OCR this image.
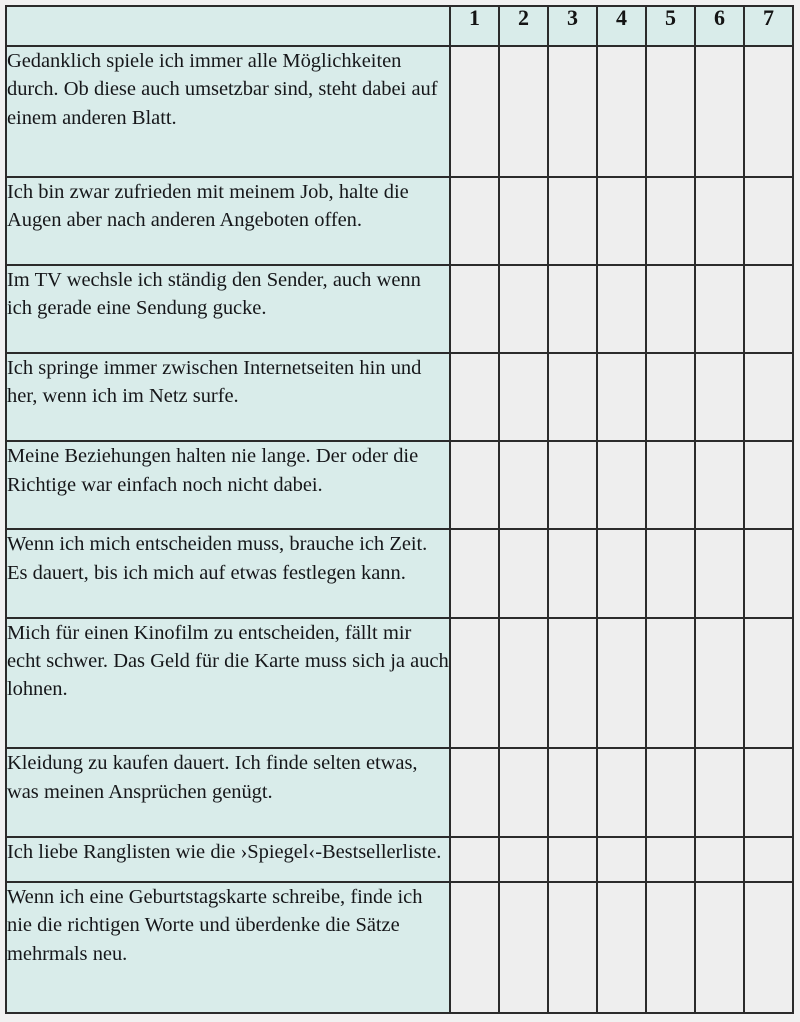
	1	2	3	4	5	6	7
Gedanklich spiele ich immer alle Möglichkeiten durch. Ob diese auch umsetzbar sind, steht dabei auf einem anderen Blatt.							
Ich bin zwar zufrieden mit meinem Job, halte die Augen aber nach anderen Angeboten offen.							
Im TV wechsle ich ständig den Sender, auch wenn ich gerade eine Sendung gucke.							
Ich springe immer zwischen Internetseiten hin und her, wenn ich im Netz surfe.							
Meine Beziehungen halten nie lange. Der oder die Richtige war einfach noch nicht dabei.							
Wenn ich mich entscheiden muss, brauche ich Zeit. Es dauert, bis ich mich auf etwas festlegen kann.							
Mich für einen Kinofilm zu entscheiden, fällt mir echt schwer. Das Geld für die Karte muss sich ja auch lohnen.							
Kleidung zu kaufen dauert. Ich finde selten etwas, was meinen Ansprüchen genügt.							
Ich liebe Ranglisten wie die ›Spiegel‹-Bestsellerliste.							
Wenn ich eine Geburtstagskarte schreibe, finde ich nie die richtigen Worte und überdenke die Sätze mehrmals neu.							
